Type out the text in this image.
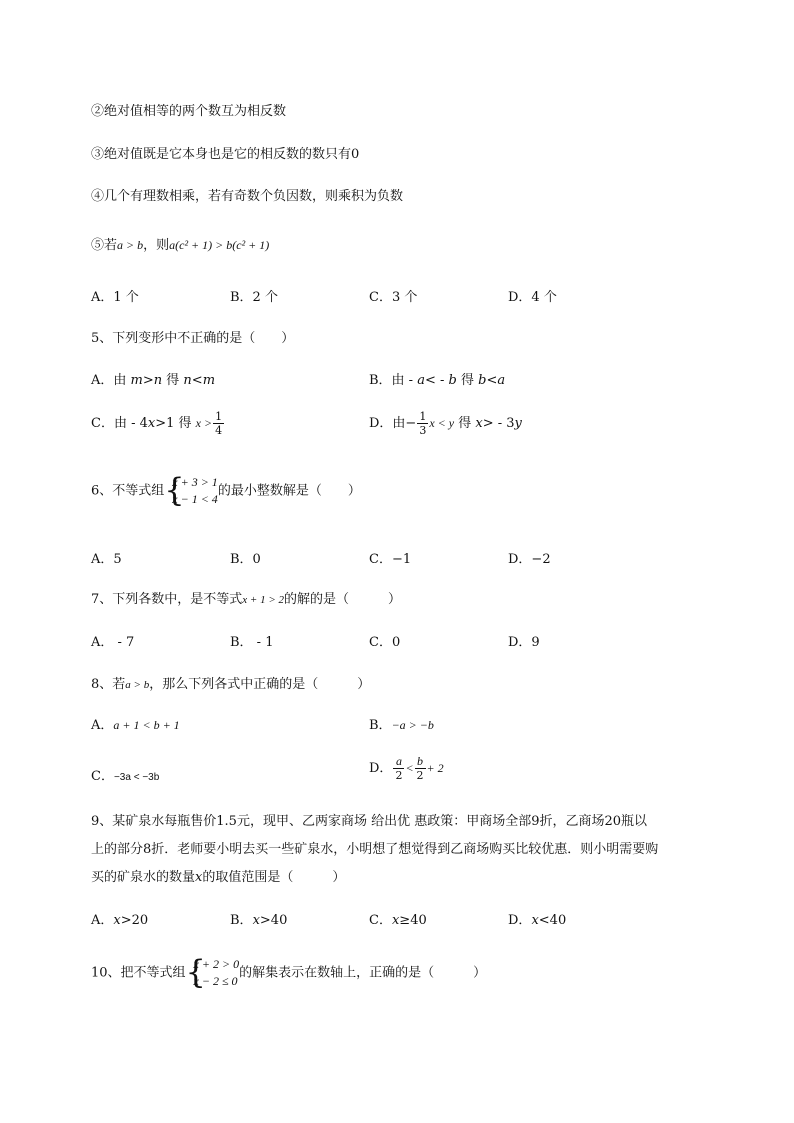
②绝对值相等的两个数互为相反数
③绝对值既是它本身也是它的相反数的数只有0
④几个有理数相乘，若有奇数个负因数，则乘积为负数
⑤若a > b，则a(c² + 1) > b(c² + 1)
A．1 个	B．2 个	C．3 个	D．4 个
5、下列变形中不正确的是（　　）
A．由 m>n 得 n<m	B．由 - a< - b 得 b<a
C．由 - 4x>1 得 $x > \frac{1}{4}$	D．由− $\frac{1}{3}$ x < y 得 x> - 3y
6、不等式组 {
x + 3 > 1
x − 1 < 4
的最小整数解是（　　）
A．5	B．0	C．−1	D．−2
7、下列各数中，是不等式x + 1 > 2的解的是（　　　）
A． - 7	B． - 1	C．0	D．9
8、若a > b，那么下列各式中正确的是（　　　）
A．a + 1 < b + 1	B．−a > −b
C．−3a < −3b
D． $\frac{a}{2} < \frac{b}{2} + 2$
9、某矿泉水每瓶售价1.5元，现甲、乙两家商场 给出优 惠政策：甲商场全部9折，乙商场20瓶以
上的部分8折．老师要小明去买一些矿泉水，小明想了想觉得到乙商场购买比较优惠．则小明需要购
买的矿泉水的数量x的取值范围是（　　　）
A．x>20	B．x>40	C．x≥40	D．x<40
10、把不等式组 {
x + 2 > 0
x − 2 ≤ 0
的解集表示在数轴上，正确的是（　　　）
